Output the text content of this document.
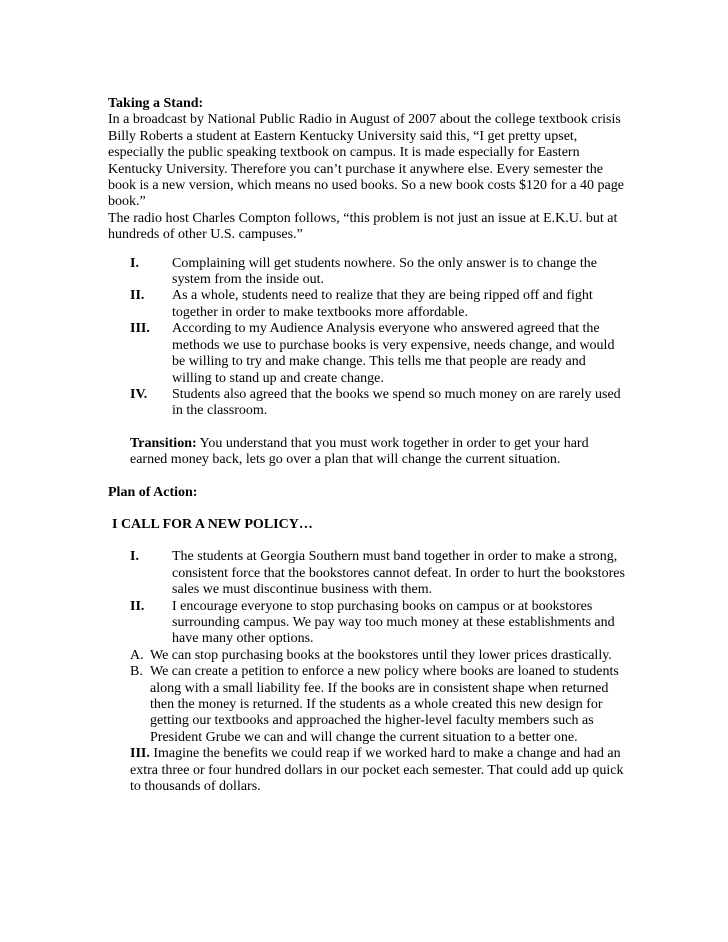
Taking a Stand:

In a broadcast by National Public Radio in August of 2007 about the college textbook crisis Billy Roberts a student at Eastern Kentucky University said this, “I get pretty upset, especially the public speaking textbook on campus. It is made especially for Eastern Kentucky University. Therefore you can’t purchase it anywhere else. Every semester the book is a new version, which means no used books. So a new book costs $120 for a 40 page book.”

The radio host Charles Compton follows, “this problem is not just an issue at E.K.U. but at hundreds of other U.S. campuses.”

I. Complaining will get students nowhere. So the only answer is to change the system from the inside out.
II. As a whole, students need to realize that they are being ripped off and fight together in order to make textbooks more affordable.
III. According to my Audience Analysis everyone who answered agreed that the methods we use to purchase books is very expensive, needs change, and would be willing to try and make change. This tells me that people are ready and willing to stand up and create change.
IV. Students also agreed that the books we spend so much money on are rarely used in the classroom.

Transition: You understand that you must work together in order to get your hard earned money back, lets go over a plan that will change the current situation.

Plan of Action:

I CALL FOR A NEW POLICY…

I. The students at Georgia Southern must band together in order to make a strong, consistent force that the bookstores cannot defeat. In order to hurt the bookstores sales we must discontinue business with them.
II. I encourage everyone to stop purchasing books on campus or at bookstores surrounding campus. We pay way too much money at these establishments and have many other options.
A. We can stop purchasing books at the bookstores until they lower prices drastically.
B. We can create a petition to enforce a new policy where books are loaned to students along with a small liability fee. If the books are in consistent shape when returned then the money is returned. If the students as a whole created this new design for getting our textbooks and approached the higher-level faculty members such as President Grube we can and will change the current situation to a better one.

III. Imagine the benefits we could reap if we worked hard to make a change and had an extra three or four hundred dollars in our pocket each semester. That could add up quick to thousands of dollars.
